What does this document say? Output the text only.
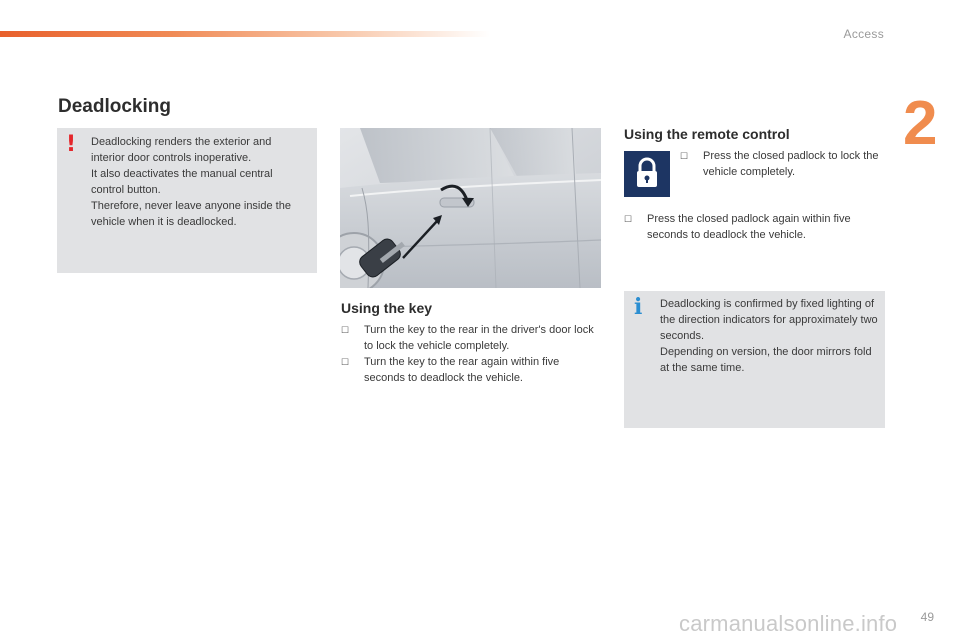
Access
2
Deadlocking
! Deadlocking renders the exterior and interior door controls inoperative.
It also deactivates the manual central control button.
Therefore, never leave anyone inside the vehicle when it is deadlocked.
Using the key
☐ Turn the key to the rear in the driver's door lock to lock the vehicle completely.
☐ Turn the key to the rear again within five seconds to deadlock the vehicle.
Using the remote control
☐ Press the closed padlock to lock the vehicle completely.
☐ Press the closed padlock again within five seconds to deadlock the vehicle.
i Deadlocking is confirmed by fixed lighting of the direction indicators for approximately two seconds.
Depending on version, the door mirrors fold at the same time.
carmanualsonline.info 49
